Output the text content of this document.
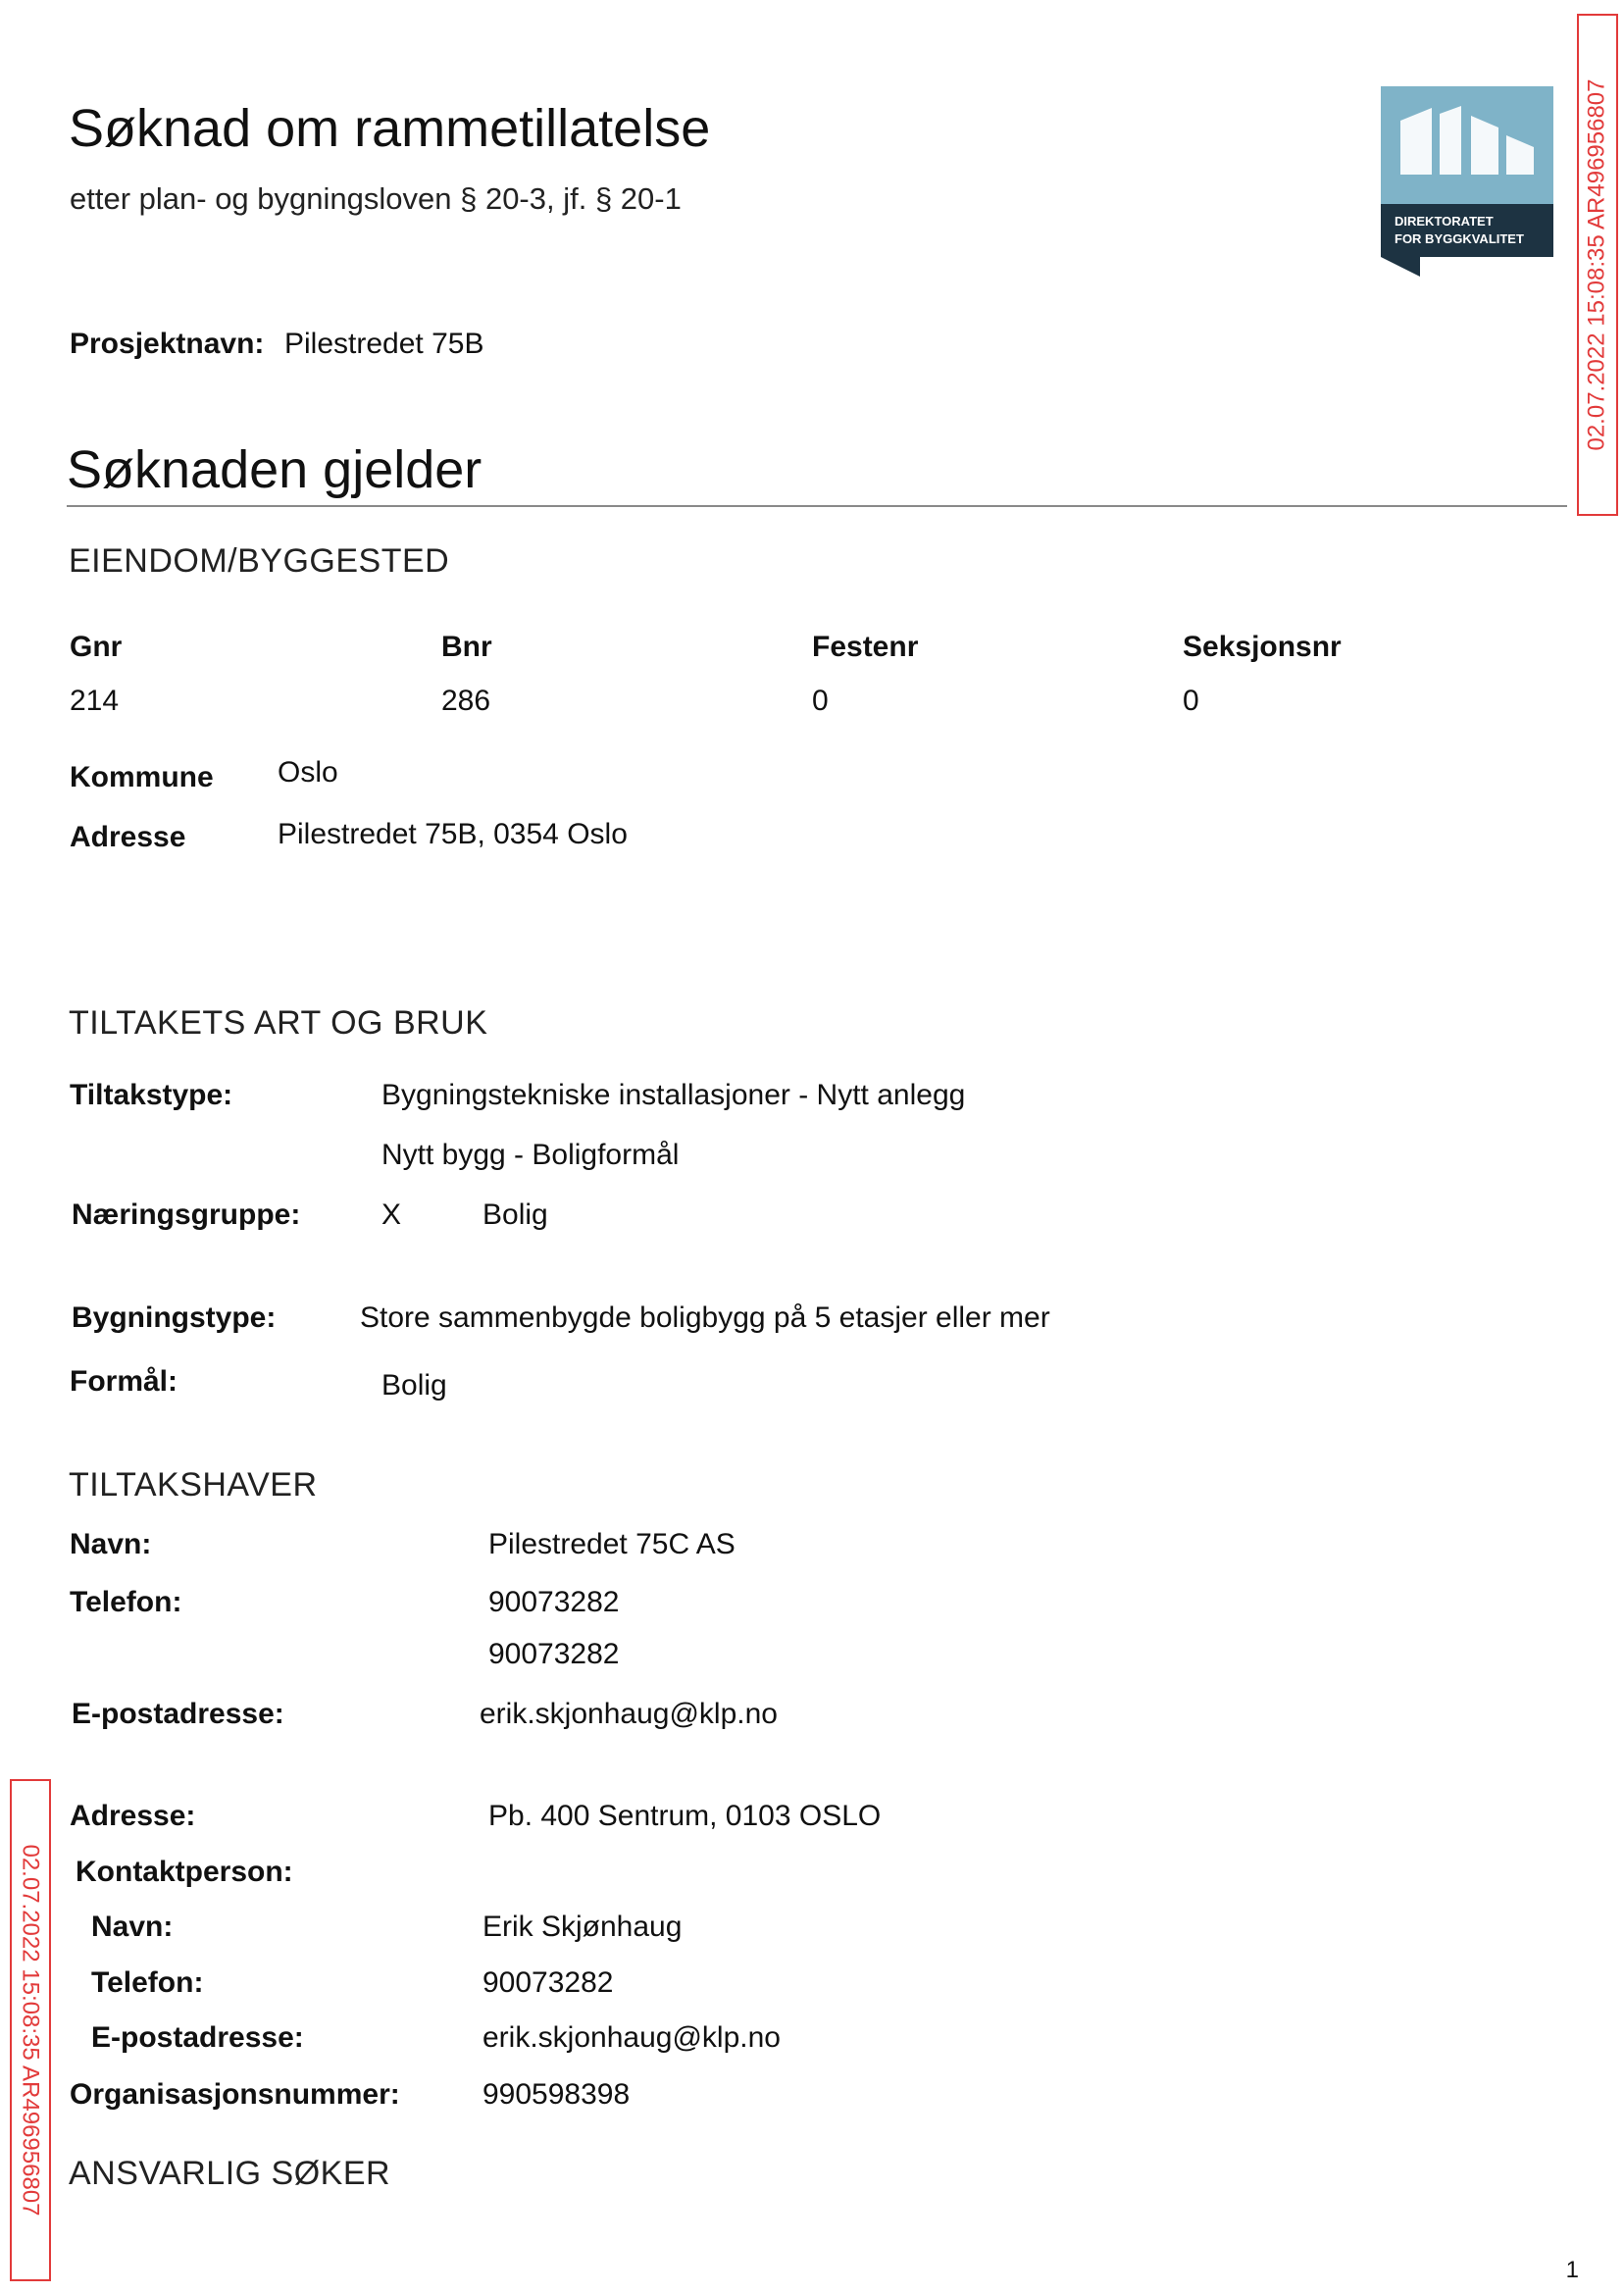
Søknad om rammetillatelse
etter plan- og bygningsloven § 20-3, jf. § 20-1
DIREKTORATET
FOR BYGGKVALITET	02.07.2022 15:08:35 AR496956807
02.07.2022 15:08:35 AR496956807
Prosjektnavn: Pilestredet 75B
Søknaden gjelder
EIENDOM/BYGGESTED
Gnr	Bnr	Festenr	Seksjonsnr
214	286	0	0
Kommune Oslo
Adresse	Pilestredet 75B, 0354 Oslo
TILTAKETS ART OG BRUK
Tiltakstype:	Bygningstekniske installasjoner - Nytt anlegg
Nytt bygg - Boligformål
Næringsgruppe:	X	Bolig
Bygningstype:	Store sammenbygde boligbygg på 5 etasjer eller mer
Formål:	Bolig
TILTAKSHAVER
Navn:	Pilestredet 75C AS
Telefon:	90073282
90073282
E-postadresse:	erik.skjonhaug@klp.no
Adresse:	Pb. 400 Sentrum, 0103 OSLO
Kontaktperson:
Navn:	Erik Skjønhaug
Telefon:	90073282
E-postadresse:	erik.skjonhaug@klp.no
Organisasjonsnummer:	990598398
ANSVARLIG SØKER
1
